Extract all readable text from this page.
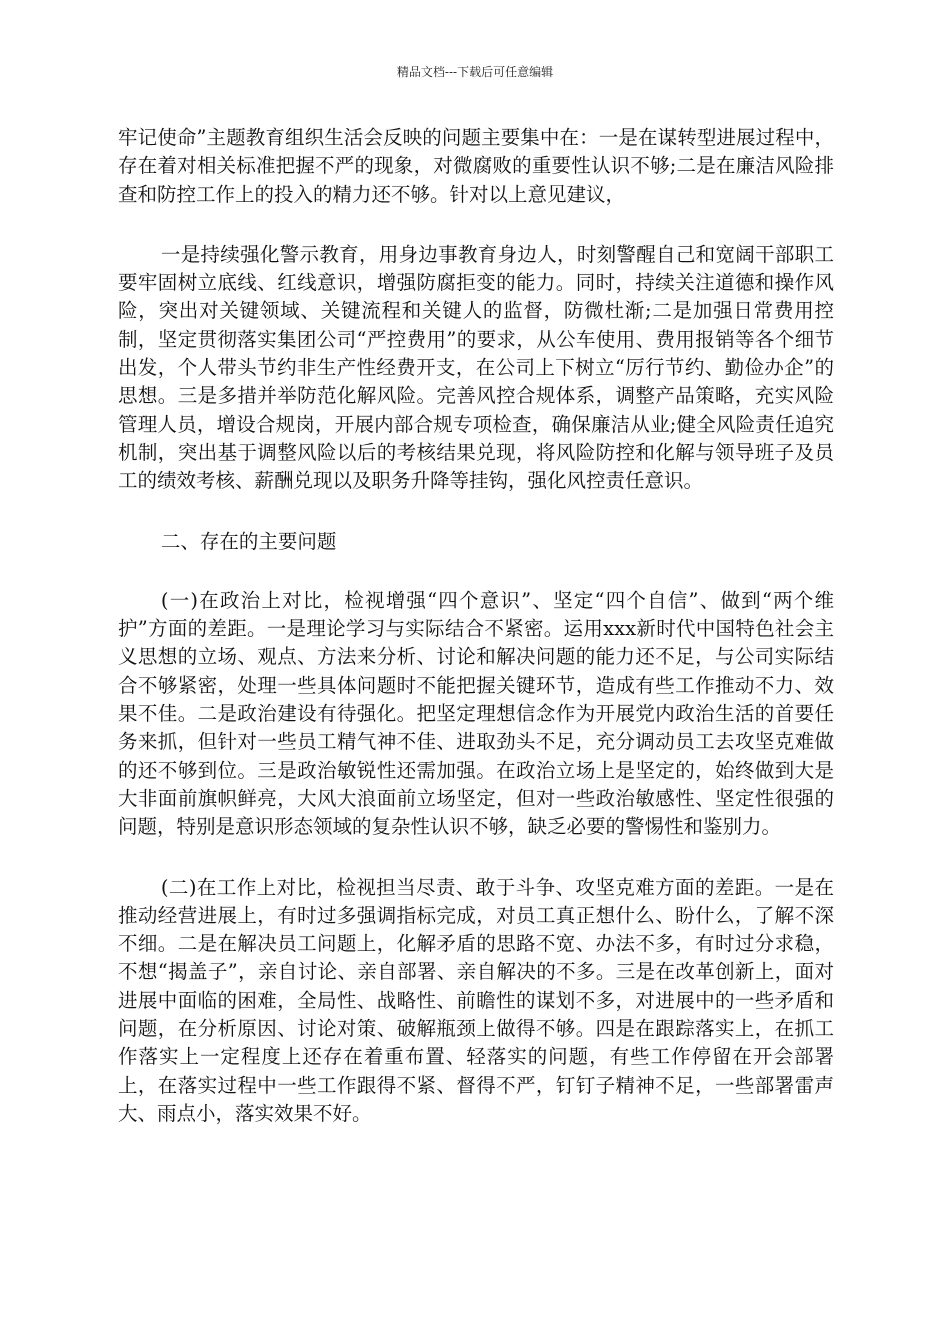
精品文档---下载后可任意编辑

牢记使命”主题教育组织生活会反映的问题主要集中在：一是在谋转型进展过程中，存在着对相关标准把握不严的现象，对微腐败的重要性认识不够;二是在廉洁风险排查和防控工作上的投入的精力还不够。针对以上意见建议，

一是持续强化警示教育，用身边事教育身边人，时刻警醒自己和宽阔干部职工要牢固树立底线、红线意识，增强防腐拒变的能力。同时，持续关注道德和操作风险，突出对关键领域、关键流程和关键人的监督，防微杜渐;二是加强日常费用控制，坚定贯彻落实集团公司“严控费用”的要求，从公车使用、费用报销等各个细节出发，个人带头节约非生产性经费开支，在公司上下树立“厉行节约、勤俭办企”的思想。三是多措并举防范化解风险。完善风控合规体系，调整产品策略，充实风险管理人员，增设合规岗，开展内部合规专项检查，确保廉洁从业;健全风险责任追究机制，突出基于调整风险以后的考核结果兑现，将风险防控和化解与领导班子及员工的绩效考核、薪酬兑现以及职务升降等挂钩，强化风控责任意识。

二、存在的主要问题

(一)在政治上对比，检视增强“四个意识”、坚定“四个自信”、做到“两个维护”方面的差距。一是理论学习与实际结合不紧密。运用xxx新时代中国特色社会主义思想的立场、观点、方法来分析、讨论和解决问题的能力还不足，与公司实际结合不够紧密，处理一些具体问题时不能把握关键环节，造成有些工作推动不力、效果不佳。二是政治建设有待强化。把坚定理想信念作为开展党内政治生活的首要任务来抓，但针对一些员工精气神不佳、进取劲头不足，充分调动员工去攻坚克难做的还不够到位。三是政治敏锐性还需加强。在政治立场上是坚定的，始终做到大是大非面前旗帜鲜亮，大风大浪面前立场坚定，但对一些政治敏感性、坚定性很强的问题，特别是意识形态领域的复杂性认识不够，缺乏必要的警惕性和鉴别力。

(二)在工作上对比，检视担当尽责、敢于斗争、攻坚克难方面的差距。一是在推动经营进展上，有时过多强调指标完成，对员工真正想什么、盼什么，了解不深不细。二是在解决员工问题上，化解矛盾的思路不宽、办法不多，有时过分求稳，不想“揭盖子”，亲自讨论、亲自部署、亲自解决的不多。三是在改革创新上，面对进展中面临的困难，全局性、战略性、前瞻性的谋划不多，对进展中的一些矛盾和问题，在分析原因、讨论对策、破解瓶颈上做得不够。四是在跟踪落实上，在抓工作落实上一定程度上还存在着重布置、轻落实的问题，有些工作停留在开会部署上，在落实过程中一些工作跟得不紧、督得不严，钉钉子精神不足，一些部署雷声大、雨点小，落实效果不好。
